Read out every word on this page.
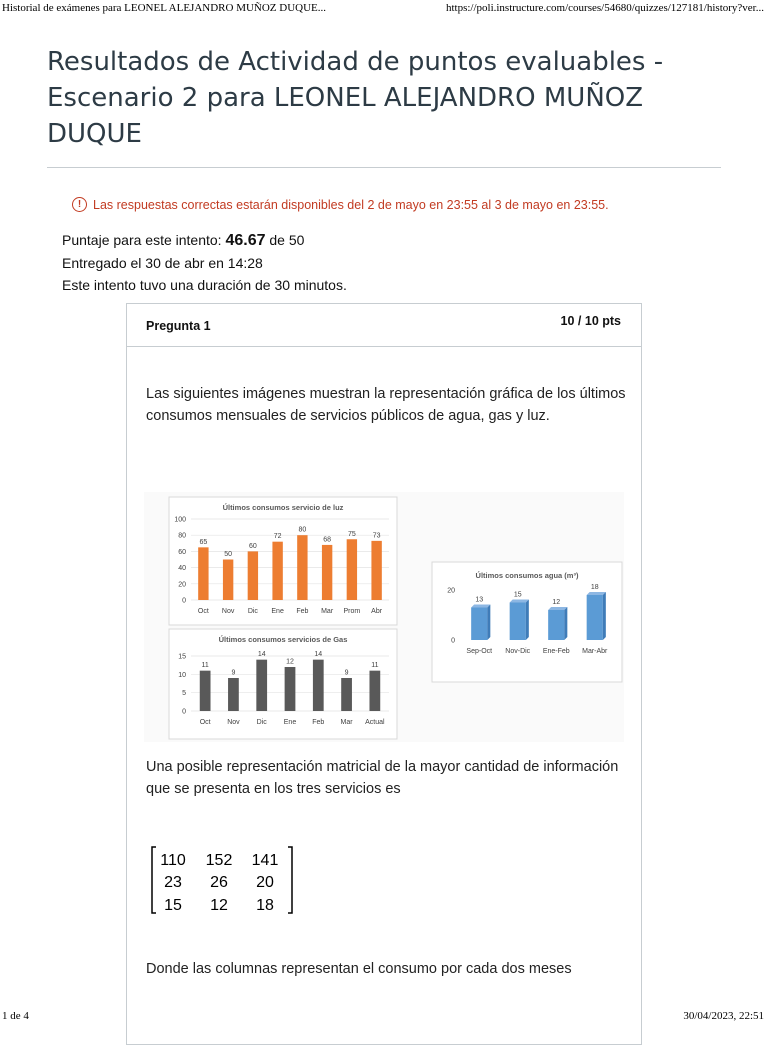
Historial de exámenes para LEONEL ALEJANDRO MUÑOZ DUQUE...	https://poli.instructure.com/courses/54680/quizzes/127181/history?ver...
Resultados de Actividad de puntos evaluables -
Escenario 2 para LEONEL ALEJANDRO MUÑOZ
DUQUE
! Las respuestas correctas estarán disponibles del 2 de mayo en 23:55 al 3 de mayo en 23:55.
Puntaje para este intento: 46.67 de 50
Entregado el 30 de abr en 14:28
Este intento tuvo una duración de 30 minutos.
Pregunta 1	10 / 10 pts

Las siguientes imágenes muestran la representación gráfica de los últimos consumos mensuales de servicios públicos de agua, gas y luz.

Últimos consumos servicio de luz
0
20
40
60
80
100
65
Oct
50
Nov
60
Dic
72
Ene
80
Feb
68
Mar
75
Prom
73
Abr
Últimos consumos servicios de Gas
0
5
10
15
11
Oct
9
Nov
14
Dic
12
Ene
14
Feb
9
Mar
11
Actual
Últimos consumos agua (m³)
0
20
13
Sep-Oct
15
Nov-Dic
12
Ene-Feb
18
Mar-Abr

Una posible representación matricial de la mayor cantidad de información que se presenta en los tres servicios es

110 152 141
23 26 20
15 12 18

Donde las columnas representan el consumo por cada dos meses

1 de 4	30/04/2023, 22:51
